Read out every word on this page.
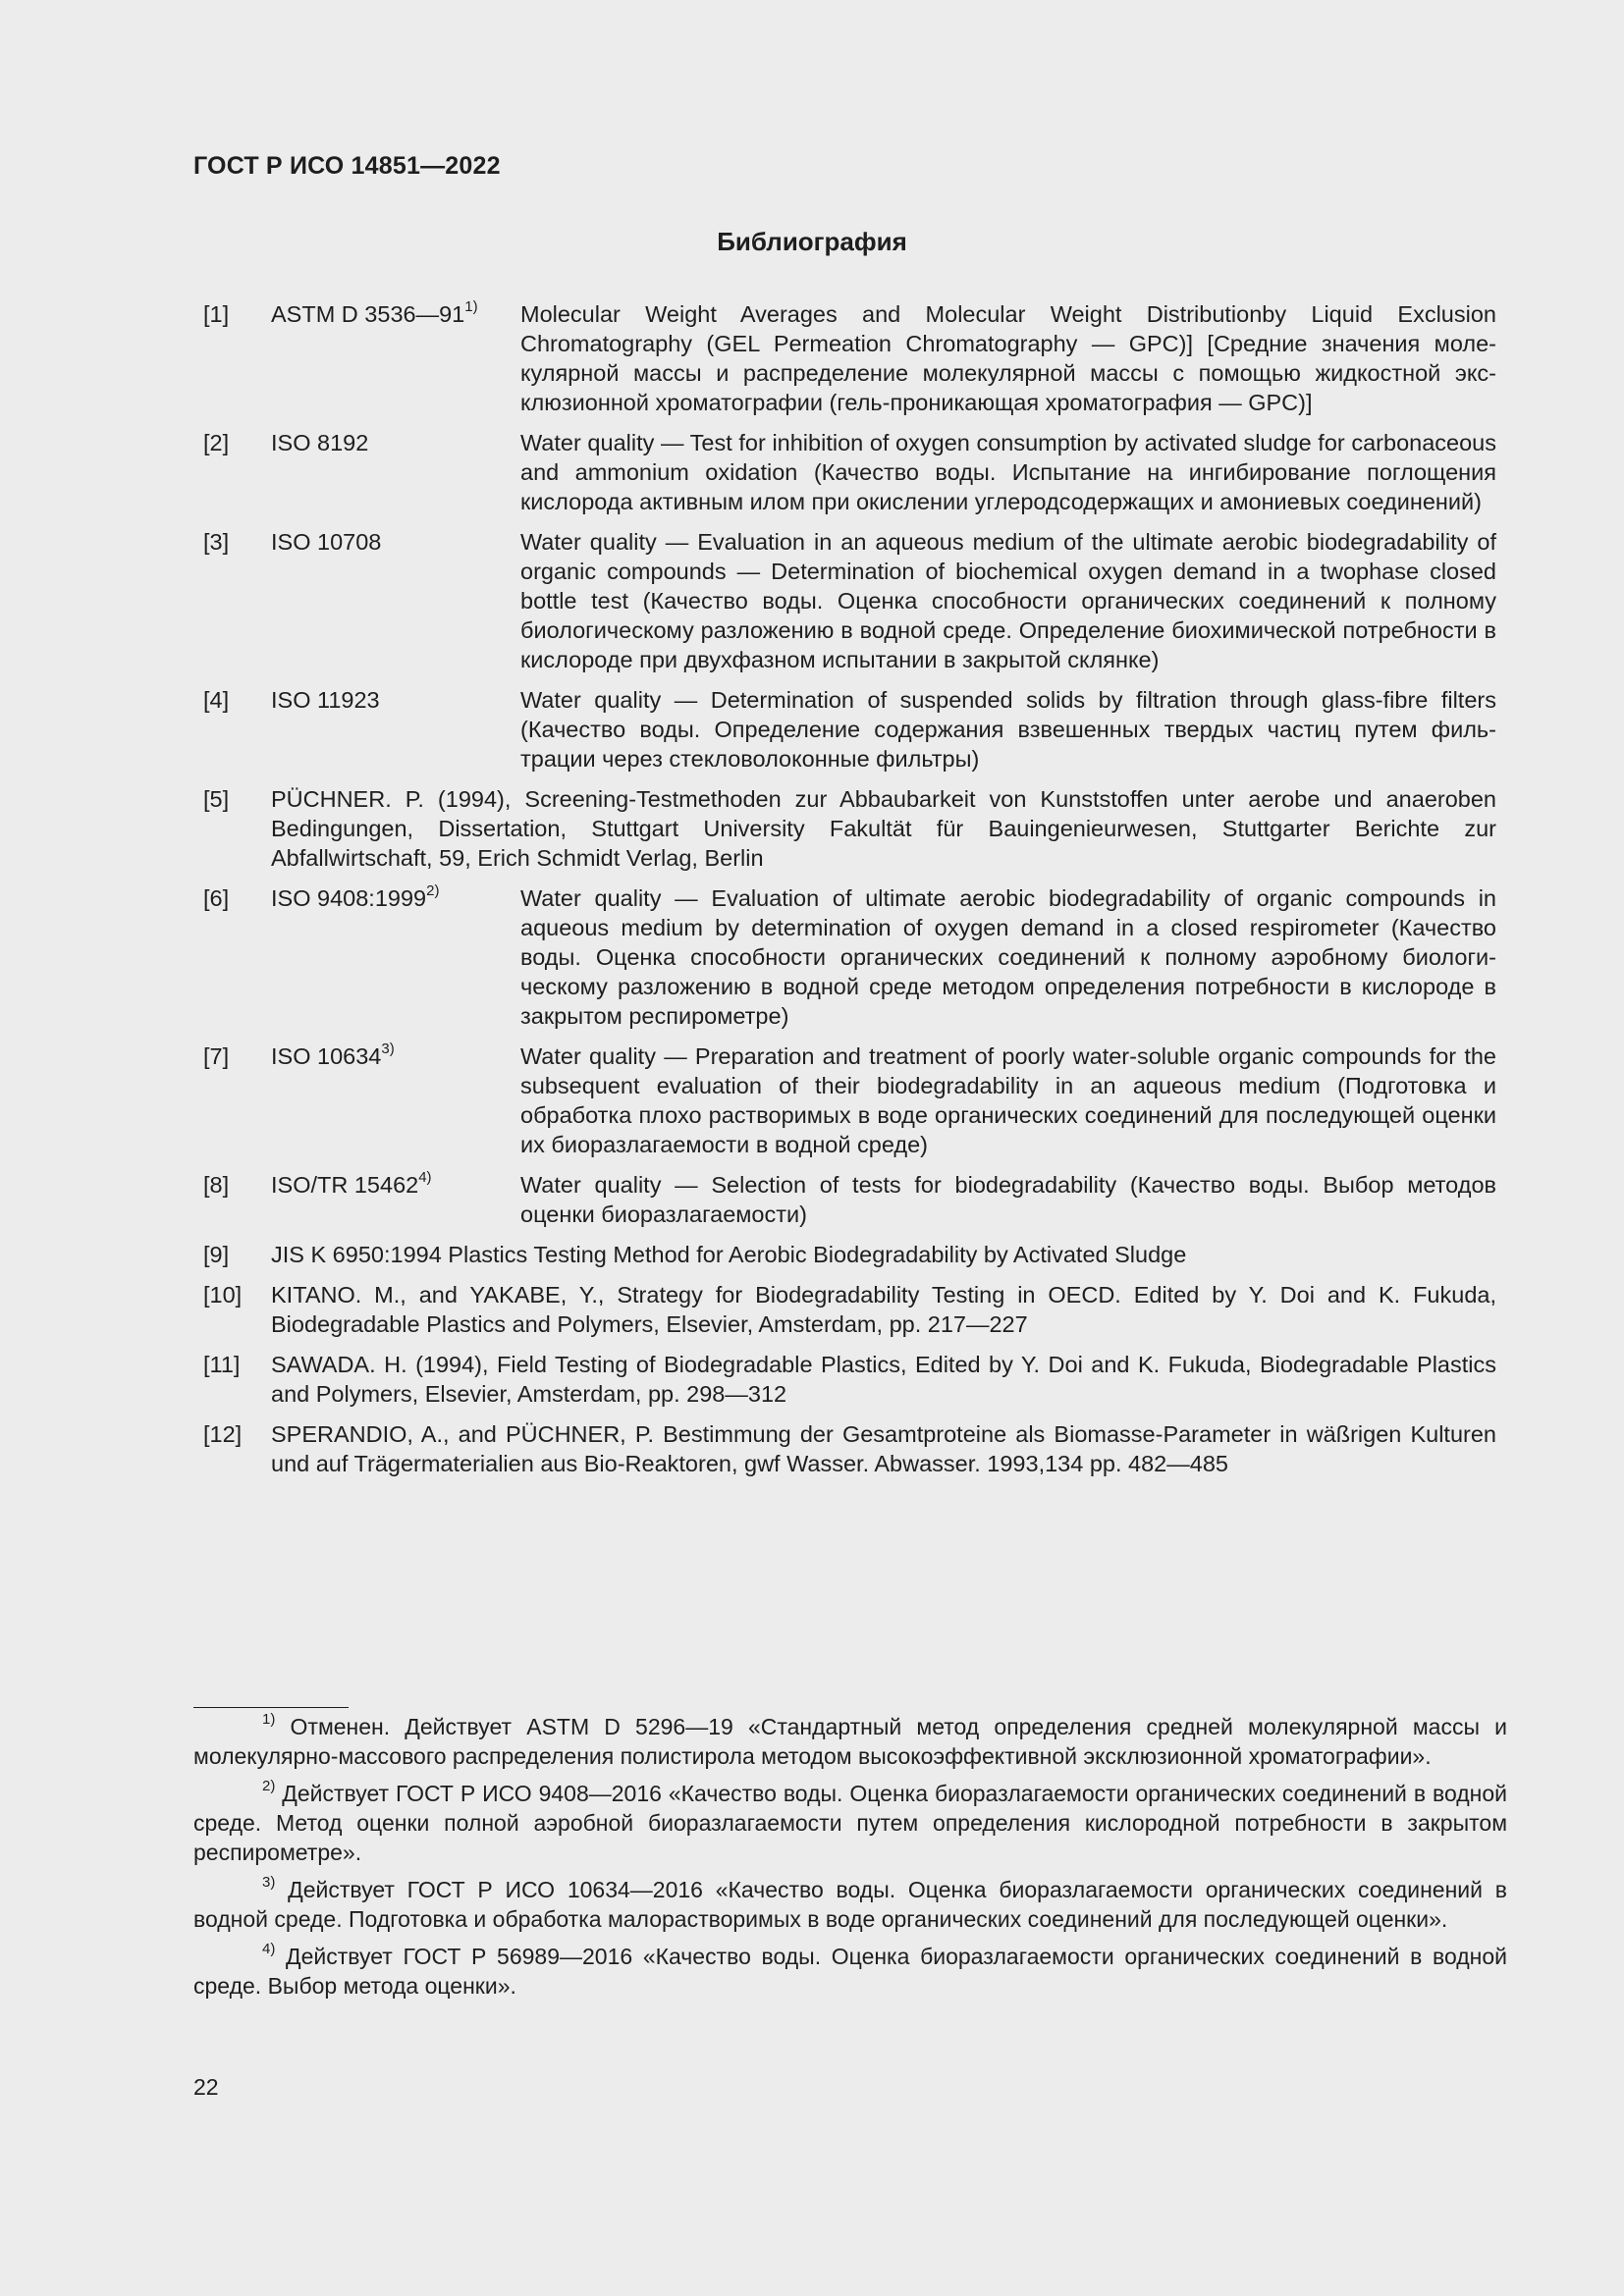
ГОСТ Р ИСО 14851—2022
Библиография
[1]	ASTM D 3536—91$^{1)}$	Molecular Weight Averages and Molecular Weight Distributionby Liquid Exclusion Chromatography (GEL Permeation Chromatography — GPC)] [Средние значения молекулярной массы и распределение молекулярной массы с помощью жидкостной эксклюзионной хроматографии (гель-проникающая хроматография — GPC)]
[2]	ISO 8192	Water quality — Test for inhibition of oxygen consumption by activated sludge for carbonaceous and ammonium oxidation (Качество воды. Испытание на ингибирование поглощения кислорода активным илом при окислении углеродсодержащих и амониевых соединений)
[3]	ISO 10708	Water quality — Evaluation in an aqueous medium of the ultimate aerobic biodegradability of organic compounds — Determination of biochemical oxygen demand in a twophase closed bottle test (Качество воды. Оценка способности органических соединений к полному биологическому разложению в водной среде. Определение биохимической потребности в кислороде при двухфазном испытании в закрытой склянке)
[4]	ISO 11923	Water quality — Determination of suspended solids by filtration through glass-fibre filters (Качество воды. Определение содержания взвешенных твердых частиц путем фильтрации через стекловолоконные фильтры)
[5]	PÜCHNER. P. (1994), Screening-Testmethoden zur Abbaubarkeit von Kunststoffen unter aerobe und anaeroben Bedingungen, Dissertation, Stuttgart University Fakultät für Bauingenieurwesen, Stuttgarter Berichte zur Abfallwirtschaft, 59, Erich Schmidt Verlag, Berlin
[6]	ISO 9408:1999$^{2)}$	Water quality — Evaluation of ultimate aerobic biodegradability of organic compounds in aqueous medium by determination of oxygen demand in a closed respirometer (Качество воды. Оценка способности органических соединений к полному аэробному биологическому разложению в водной среде методом определения потребности в кислороде в закрытом респирометре)
[7]	ISO 10634$^{3)}$	Water quality — Preparation and treatment of poorly water-soluble organic compounds for the subsequent evaluation of their biodegradability in an aqueous medium (Подготовка и обработка плохо растворимых в воде органических соединений для последующей оценки их биоразлагаемости в водной среде)
[8]	ISO/TR 15462$^{4)}$	Water quality — Selection of tests for biodegradability (Качество воды. Выбор методов оценки биоразлагаемости)
[9]	JIS K 6950:1994 Plastics Testing Method for Aerobic Biodegradability by Activated Sludge
[10]	KITANO. M., and YAKABE, Y., Strategy for Biodegradability Testing in OECD. Edited by Y. Doi and K. Fukuda, Biodegradable Plastics and Polymers, Elsevier, Amsterdam, pp. 217—227
[11]	SAWADA. H. (1994), Field Testing of Biodegradable Plastics, Edited by Y. Doi and K. Fukuda, Biodegradable Plastics and Polymers, Elsevier, Amsterdam, pp. 298—312
[12]	SPERANDIO, A., and PÜCHNER, P. Bestimmung der Gesamtproteine als Biomasse-Parameter in wäßrigen Kulturen und auf Trägermaterialien aus Bio-Reaktoren, gwf Wasser. Abwasser. 1993,134 pp. 482—485
$^{1)}$ Отменен. Действует ASTM D 5296—19 «Стандартный метод определения средней молекулярной массы и молекулярно-массового распределения полистирола методом высокоэффективной эксклюзионной хроматографии».
$^{2)}$ Действует ГОСТ Р ИСО 9408—2016 «Качество воды. Оценка биоразлагаемости органических соединений в водной среде. Метод оценки полной аэробной биоразлагаемости путем определения кислородной потребности в закрытом респирометре».
$^{3)}$ Действует ГОСТ Р ИСО 10634—2016 «Качество воды. Оценка биоразлагаемости органических соединений в водной среде. Подготовка и обработка малорастворимых в воде органических соединений для последующей оценки».
$^{4)}$ Действует ГОСТ Р 56989—2016 «Качество воды. Оценка биоразлагаемости органических соединений в водной среде. Выбор метода оценки».
22
